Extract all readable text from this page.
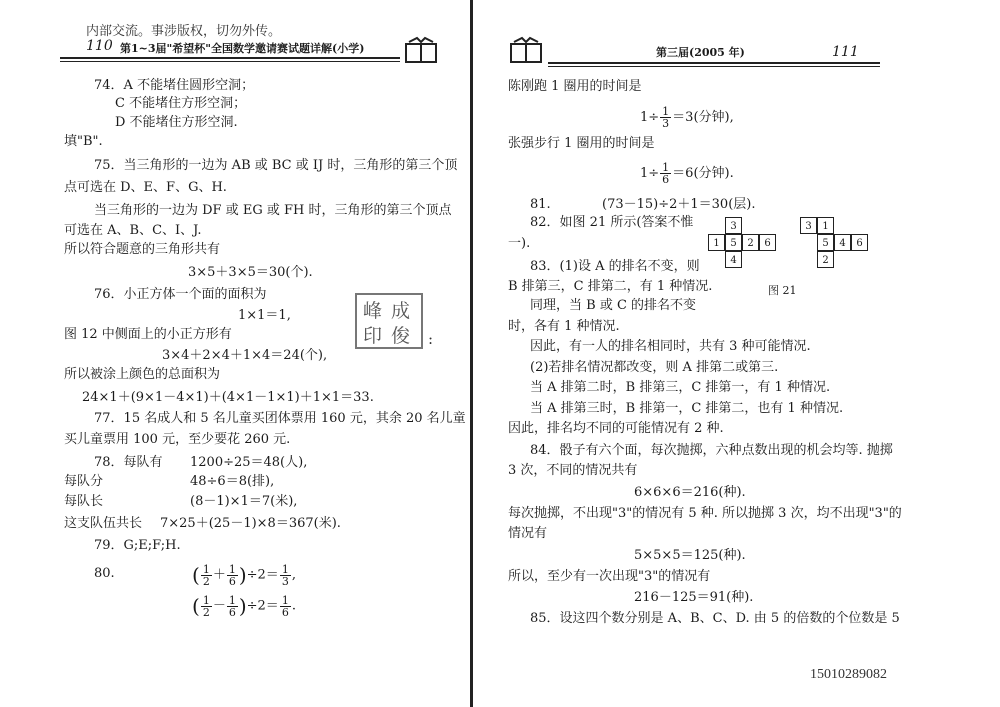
内部交流。事涉版权，切勿外传。
110 第1~3届"希望杯"全国数学邀请赛试题详解(小学)
74．A 不能堵住圆形空洞；
C 不能堵住方形空洞；
D 不能堵住方形空洞.
填"B".
75．当三角形的一边为 AB 或 BC 或 IJ 时，三角形的第三个顶
点可选在 D、E、F、G、H.
当三角形的一边为 DF 或 EG 或 FH 时，三角形的第三个顶点
可选在 A、B、C、I、J.
所以符合题意的三角形共有
3×5＋3×5＝30(个).
76．小正方体一个面的面积为
1×1＝1,
图 12 中侧面上的小正方形有
3×4＋2×4＋1×4＝24(个),
所以被涂上颜色的总面积为
24×1＋(9×1－4×1)＋(4×1－1×1)＋1×1＝33.
77．15 名成人和 5 名儿童买团体票用 160 元，其余 20 名儿童
买儿童票用 100 元，至少要花 260 元.
78．每队有 1200÷25＝48(人),
每队分	48÷6＝8(排),
每队长	(8－1)×1＝7(米),
这支队伍共长 7×25＋(25－1)×8＝367(米).
79．G;E;F;H.
80.	( $\frac{1}{2} + \frac{1}{6} )\div 2= \frac{1}{3}$ ,
( $\frac{1}{2} - \frac{1}{6} )\div 2= \frac{1}{6}$ .
峰 成
印 俊 :
第三届(2005 年)	111
陈刚跑 1 圈用的时间是
$1\div \frac{1}{3} =3$(分钟),
张强步行 1 圈用的时间是
$1\div \frac{1}{6} =6$(分钟).
81.	(73－15)÷2＋1＝30(层).
82．如图 21 所示(答案不惟
一).
83．(1)设 A 的排名不变，则
B 排第三，C 排第二，有 1 种情况.
同理，当 B 或 C 的排名不变
时，各有 1 种情况.
因此，有一人的排名相同时，共有 3 种可能情况.
(2)若排名情况都改变，则 A 排第二或第三.
当 A 排第二时，B 排第三，C 排第一，有 1 种情况.
当 A 排第三时，B 排第一，C 排第二，也有 1 种情况.
因此，排名均不同的可能情况有 2 种.
84．骰子有六个面，每次抛掷，六种点数出现的机会均等. 抛掷
3 次，不同的情况共有
6×6×6＝216(种).
每次抛掷，不出现"3"的情况有 5 种. 所以抛掷 3 次，均不出现"3"的
情况有
5×5×5＝125(种).
所以，至少有一次出现"3"的情况有
216－125＝91(种).
85．设这四个数分别是 A、B、C、D. 由 5 的倍数的个位数是 5
3
1	5	2	6
4
3	1
5	4	6
2
图 21
15010289082
